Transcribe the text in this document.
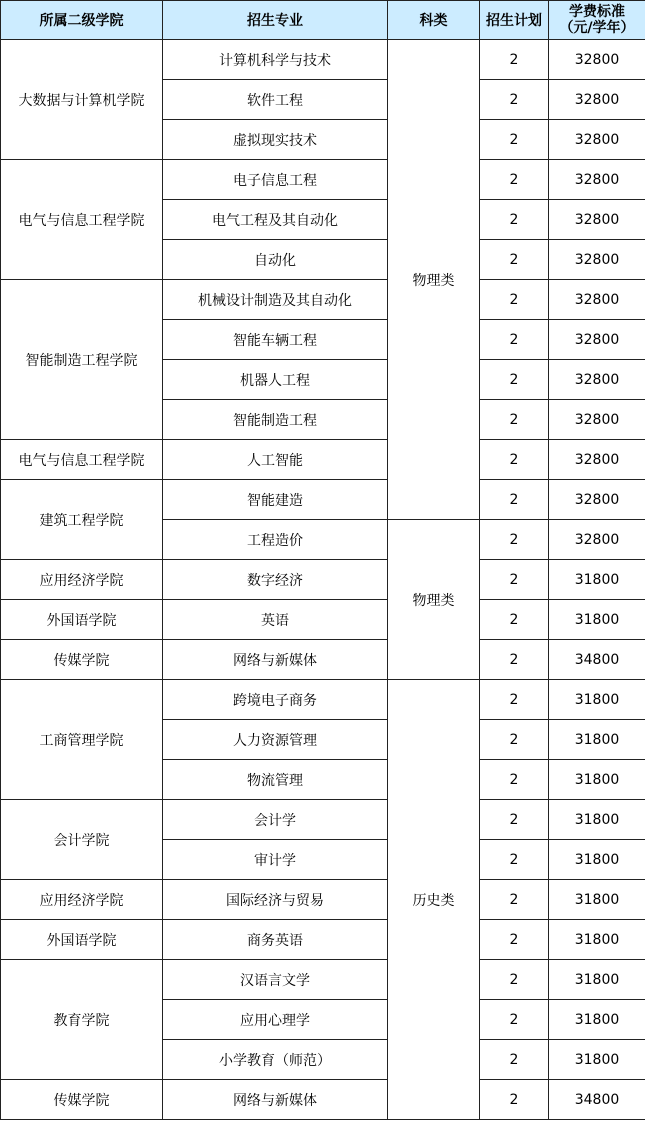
所属二级学院	招生专业	科类	招生计划	学费标准
（元/学年）

大数据与计算机学院	计算机科学与技术	物理类	2	32800
	软件工程		2	32800
	虚拟现实技术		2	32800
电气与信息工程学院	电子信息工程		2	32800
	电气工程及其自动化		2	32800
	自动化		2	32800
智能制造工程学院	机械设计制造及其自动化		2	32800
	智能车辆工程		2	32800
	机器人工程		2	32800
	智能制造工程		2	32800
电气与信息工程学院	人工智能		2	32800
建筑工程学院	智能建造		2	32800
	工程造价	物理类	2	32800
应用经济学院	数字经济		2	31800
外国语学院	英语		2	31800
传媒学院	网络与新媒体		2	34800
工商管理学院	跨境电子商务	历史类	2	31800
	人力资源管理		2	31800
	物流管理		2	31800
会计学院	会计学		2	31800
	审计学		2	31800
应用经济学院	国际经济与贸易		2	31800
外国语学院	商务英语		2	31800
教育学院	汉语言文学		2	31800
	应用心理学		2	31800
	小学教育（师范）		2	31800
传媒学院	网络与新媒体		2	34800
